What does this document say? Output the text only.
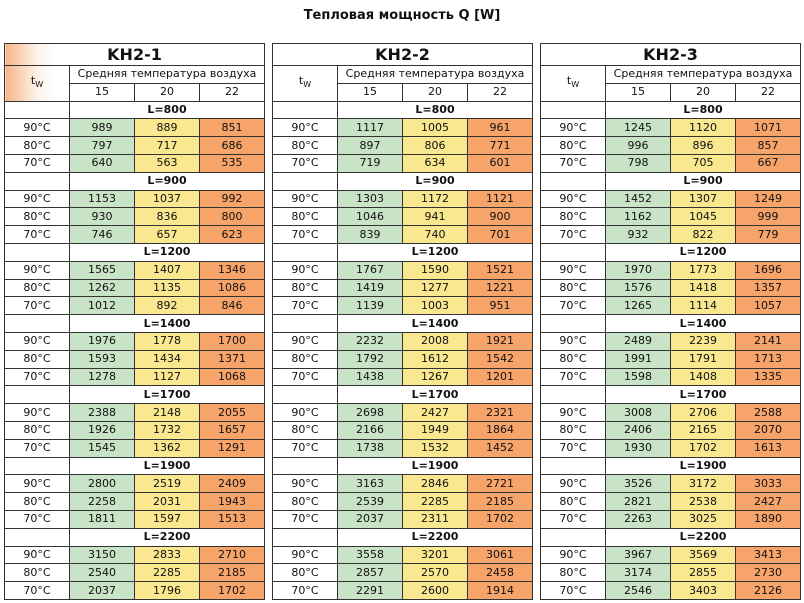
Тепловая мощность Q [W]
KH2-1			
$t_W$	Средняя температура воздуха		
	15	20	22
	L=800		
90°C	989	889	851
80°C	797	717	686
70°C	640	563	535
	L=900		
90°C	1153	1037	992
80°C	930	836	800
70°C	746	657	623
	L=1200		
90°C	1565	1407	1346
80°C	1262	1135	1086
70°C	1012	892	846
	L=1400		
90°C	1976	1778	1700
80°C	1593	1434	1371
70°C	1278	1127	1068
	L=1700		
90°C	2388	2148	2055
80°C	1926	1732	1657
70°C	1545	1362	1291
	L=1900		
90°C	2800	2519	2409
80°C	2258	2031	1943
70°C	1811	1597	1513
	L=2200		
90°C	3150	2833	2710
80°C	2540	2285	2185
70°C	2037	1796	1702
KH2-2			
$t_W$	Средняя температура воздуха		
	15	20	22
	L=800		
90°C	1117	1005	961
80°C	897	806	771
70°C	719	634	601
	L=900		
90°C	1303	1172	1121
80°C	1046	941	900
70°C	839	740	701
	L=1200		
90°C	1767	1590	1521
80°C	1419	1277	1221
70°C	1139	1003	951
	L=1400		
90°C	2232	2008	1921
80°C	1792	1612	1542
70°C	1438	1267	1201
	L=1700		
90°C	2698	2427	2321
80°C	2166	1949	1864
70°C	1738	1532	1452
	L=1900		
90°C	3163	2846	2721
80°C	2539	2285	2185
70°C	2037	2311	1702
	L=2200		
90°C	3558	3201	3061
80°C	2857	2570	2458
70°C	2291	2600	1914
KH2-3			
$t_W$	Средняя температура воздуха		
	15	20	22
	L=800		
90°C	1245	1120	1071
80°C	996	896	857
70°C	798	705	667
	L=900		
90°C	1452	1307	1249
80°C	1162	1045	999
70°C	932	822	779
	L=1200		
90°C	1970	1773	1696
80°C	1576	1418	1357
70°C	1265	1114	1057
	L=1400		
90°C	2489	2239	2141
80°C	1991	1791	1713
70°C	1598	1408	1335
	L=1700		
90°C	3008	2706	2588
80°C	2406	2165	2070
70°C	1930	1702	1613
	L=1900		
90°C	3526	3172	3033
80°C	2821	2538	2427
70°C	2263	3025	1890
	L=2200		
90°C	3967	3569	3413
80°C	3174	2855	2730
70°C	2546	3403	2126
